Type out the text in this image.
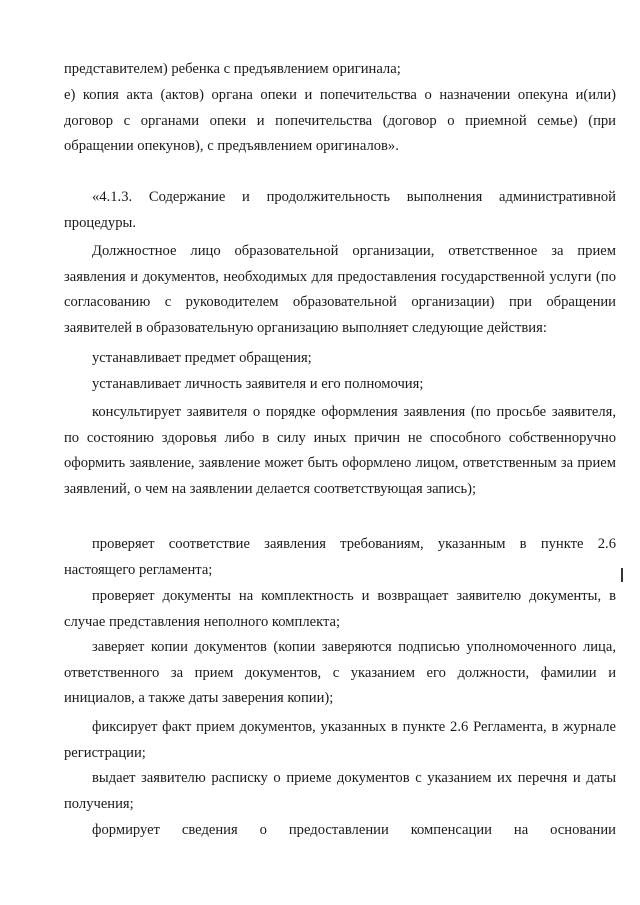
представителем) ребенка с предъявлением оригинала;
е) копия акта (актов) органа опеки и попечительства о назначении опекуна и(или) договор с органами опеки и попечительства (договор о приемной семье) (при обращении опекунов), с предъявлением оригиналов».
«4.1.3. Содержание и продолжительность выполнения административной процедуры.
Должностное лицо образовательной организации, ответственное за прием заявления и документов, необходимых для предоставления государственной услуги (по согласованию с руководителем образовательной организации) при обращении заявителей в образовательную организацию выполняет следующие действия:
устанавливает предмет обращения;
устанавливает личность заявителя и его полномочия;
консультирует заявителя о порядке оформления заявления (по просьбе заявителя, по состоянию здоровья либо в силу иных причин не способного собственноручно оформить заявление, заявление может быть оформлено лицом, ответственным за прием заявлений, о чем на заявлении делается соответствующая запись);
проверяет соответствие заявления требованиям, указанным в пункте 2.6 настоящего регламента;
проверяет документы на комплектность и возвращает заявителю документы, в случае представления неполного комплекта;
заверяет копии документов (копии заверяются подписью уполномоченного лица, ответственного за прием документов, с указанием его должности, фамилии и инициалов, а также даты заверения копии);
фиксирует факт прием документов, указанных в пункте 2.6 Регламента, в журнале регистрации;
выдает заявителю расписку о приеме документов с указанием их перечня и даты получения;
формирует сведения о предоставлении компенсации на основании
